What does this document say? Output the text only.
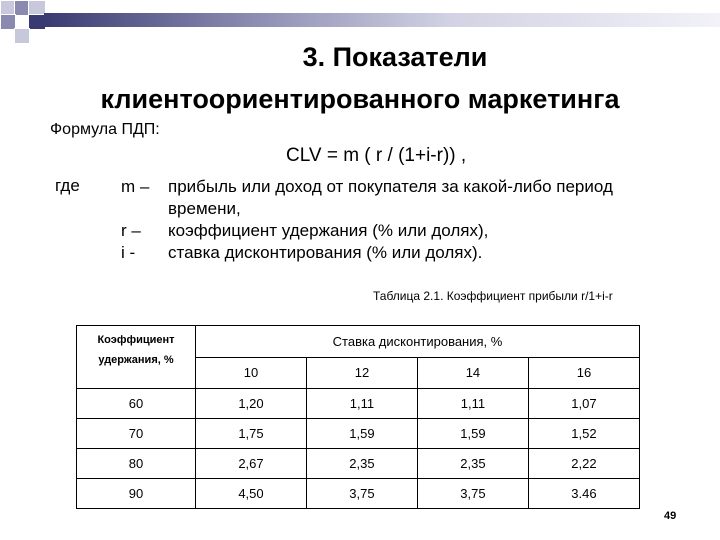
3. Показатели
клиентоориентированного маркетинга
Формула ПДП:
CLV = m ( r / (1+i-r)) ,
где m –	прибыль или доход от покупателя за какой-либо период времени,
r –	коэффициент удержания (% или долях),
i -	ставка дисконтирования (% или долях).
Таблица 2.1. Коэффициент прибыли r/1+i-r
Коэффициент удержания, %	Ставка дисконтирования, %			
	10	12	14	16
60	1,20	1,11	1,11	1,07
70	1,75	1,59	1,59	1,52
80	2,67	2,35	2,35	2,22
90	4,50	3,75	3,75	3.46
49
